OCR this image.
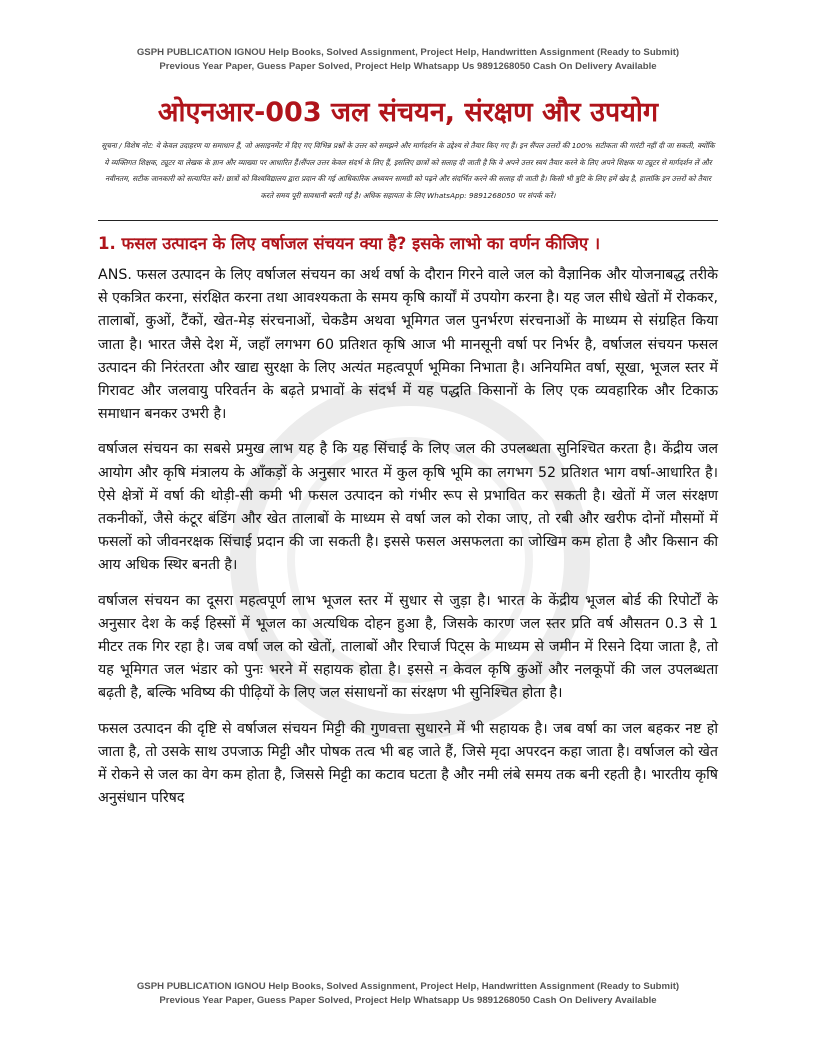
GSPH PUBLICATION IGNOU Help Books, Solved Assignment, Project Help, Handwritten Assignment (Ready to Submit)
Previous Year Paper, Guess Paper Solved, Project Help Whatsapp Us 9891268050 Cash On Delivery Available
ओएनआर-003 जल संचयन, संरक्षण और उपयोग
सूचना / विशेष नोट: ये केवल उदाहरण या समाधान हैं, जो असाइनमेंट में दिए गए विभिन्न प्रश्नों के उत्तर को समझने और मार्गदर्शन के उद्देश्य से तैयार किए गए हैं। इन सैंपल उत्तरों की 100% सटीकता की गारंटी नहीं दी जा सकती, क्योंकि ये व्यक्तिगत शिक्षक, ट्यूटर या लेखक के ज्ञान और व्याख्या पर आधारित हैं।सैंपल उत्तर केवल संदर्भ के लिए हैं, इसलिए छात्रों को सलाह दी जाती है कि वे अपने उत्तर स्वयं तैयार करने के लिए अपने शिक्षक या ट्यूटर से मार्गदर्शन लें और नवीनतम, सटीक जानकारी को सत्यापित करें। छात्रों को विश्वविद्यालय द्वारा प्रदान की गई आधिकारिक अध्ययन सामग्री को पढ़ने और संदर्भित करने की सलाह दी जाती है। किसी भी त्रुटि के लिए हमें खेद है, हालांकि इन उत्तरों को तैयार करते समय पूरी सावधानी बरती गई है। अधिक सहायता के लिए WhatsApp: 9891268050 पर संपर्क करें।
1. फसल उत्पादन के लिए वर्षाजल संचयन क्या है? इसके लाभो का वर्णन कीजिए ।

ANS. फसल उत्पादन के लिए वर्षाजल संचयन का अर्थ वर्षा के दौरान गिरने वाले जल को वैज्ञानिक और योजनाबद्ध तरीके से एकत्रित करना, संरक्षित करना तथा आवश्यकता के समय कृषि कार्यों में उपयोग करना है। यह जल सीधे खेतों में रोककर, तालाबों, कुओं, टैंकों, खेत-मेड़ संरचनाओं, चेकडैम अथवा भूमिगत जल पुनर्भरण संरचनाओं के माध्यम से संग्रहित किया जाता है। भारत जैसे देश में, जहाँ लगभग 60 प्रतिशत कृषि आज भी मानसूनी वर्षा पर निर्भर है, वर्षाजल संचयन फसल उत्पादन की निरंतरता और खाद्य सुरक्षा के लिए अत्यंत महत्वपूर्ण भूमिका निभाता है। अनियमित वर्षा, सूखा, भूजल स्तर में गिरावट और जलवायु परिवर्तन के बढ़ते प्रभावों के संदर्भ में यह पद्धति किसानों के लिए एक व्यवहारिक और टिकाऊ समाधान बनकर उभरी है।

वर्षाजल संचयन का सबसे प्रमुख लाभ यह है कि यह सिंचाई के लिए जल की उपलब्धता सुनिश्चित करता है। केंद्रीय जल आयोग और कृषि मंत्रालय के आँकड़ों के अनुसार भारत में कुल कृषि भूमि का लगभग 52 प्रतिशत भाग वर्षा-आधारित है। ऐसे क्षेत्रों में वर्षा की थोड़ी-सी कमी भी फसल उत्पादन को गंभीर रूप से प्रभावित कर सकती है। खेतों में जल संरक्षण तकनीकों, जैसे कंटूर बंडिंग और खेत तालाबों के माध्यम से वर्षा जल को रोका जाए, तो रबी और खरीफ दोनों मौसमों में फसलों को जीवनरक्षक सिंचाई प्रदान की जा सकती है। इससे फसल असफलता का जोखिम कम होता है और किसान की आय अधिक स्थिर बनती है।

वर्षाजल संचयन का दूसरा महत्वपूर्ण लाभ भूजल स्तर में सुधार से जुड़ा है। भारत के केंद्रीय भूजल बोर्ड की रिपोर्टों के अनुसार देश के कई हिस्सों में भूजल का अत्यधिक दोहन हुआ है, जिसके कारण जल स्तर प्रति वर्ष औसतन 0.3 से 1 मीटर तक गिर रहा है। जब वर्षा जल को खेतों, तालाबों और रिचार्ज पिट्स के माध्यम से जमीन में रिसने दिया जाता है, तो यह भूमिगत जल भंडार को पुनः भरने में सहायक होता है। इससे न केवल कृषि कुओं और नलकूपों की जल उपलब्धता बढ़ती है, बल्कि भविष्य की पीढ़ियों के लिए जल संसाधनों का संरक्षण भी सुनिश्चित होता है।

फसल उत्पादन की दृष्टि से वर्षाजल संचयन मिट्टी की गुणवत्ता सुधारने में भी सहायक है। जब वर्षा का जल बहकर नष्ट हो जाता है, तो उसके साथ उपजाऊ मिट्टी और पोषक तत्व भी बह जाते हैं, जिसे मृदा अपरदन कहा जाता है। वर्षाजल को खेत में रोकने से जल का वेग कम होता है, जिससे मिट्टी का कटाव घटता है और नमी लंबे समय तक बनी रहती है। भारतीय कृषि अनुसंधान परिषद

GSPH PUBLICATION IGNOU Help Books, Solved Assignment, Project Help, Handwritten Assignment (Ready to Submit)
Previous Year Paper, Guess Paper Solved, Project Help Whatsapp Us 9891268050 Cash On Delivery Available
